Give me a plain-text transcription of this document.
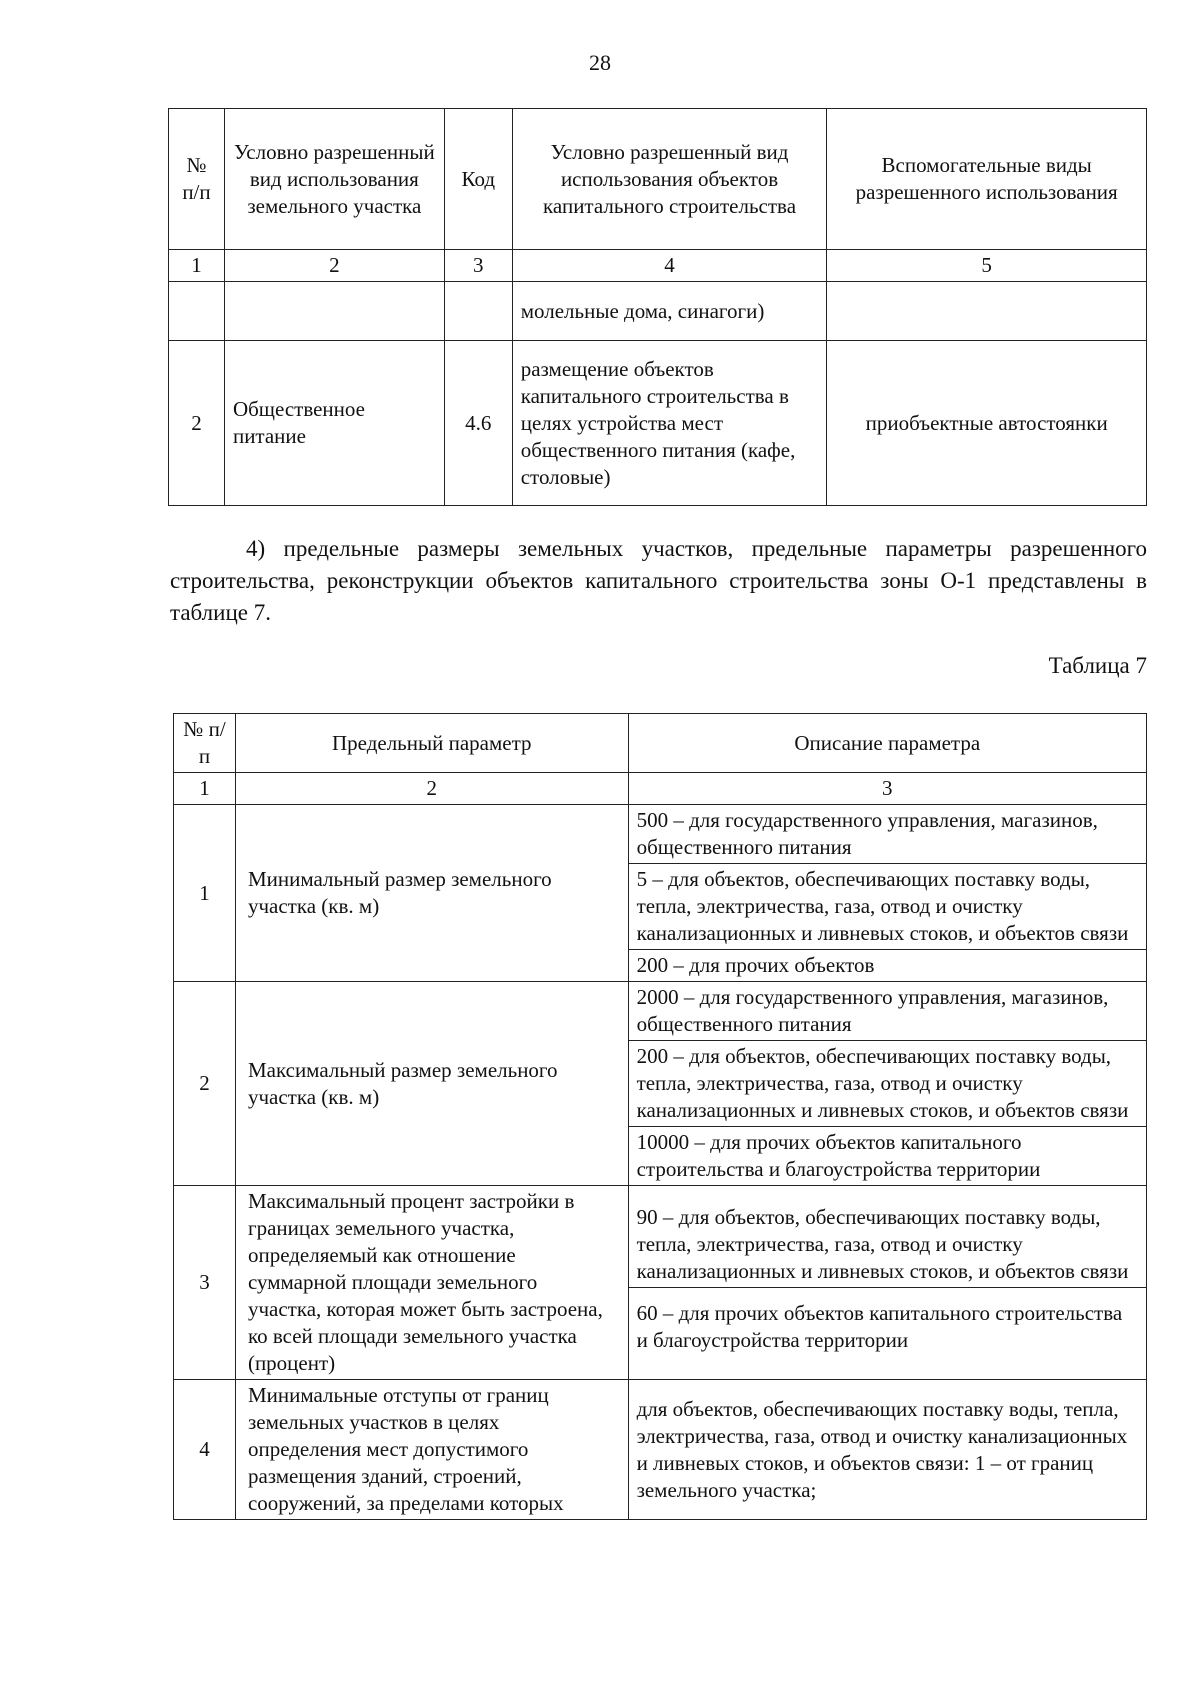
28
№ п/п	Условно разрешенный вид использования земельного участка	Код	Условно разрешенный вид использования объектов капитального строительства	Вспомогательные виды разрешенного использования
1	2	3	4	5
			молельные дома, синагоги)	
2	Общественное питание	4.6	размещение объектов капитального строительства в целях устройства мест общественного питания (кафе, столовые)	приобъектные автостоянки
4) предельные размеры земельных участков, предельные параметры разрешенного строительства, реконструкции объектов капитального строительства зоны О-1 представлены в таблице 7.
Таблица 7
№ п/п	Предельный параметр	Описание параметра
1	2	3
1	Минимальный размер земельного участка (кв. м)	
500 – для государственного управления, магазинов, общественного питания
5 – для объектов, обеспечивающих поставку воды, тепла, электричества, газа, отвод и очистку канализационных и ливневых стоков, и объектов связи
200 – для прочих объектов

2	Максимальный размер земельного участка (кв. м)	
2000 – для государственного управления, магазинов, общественного питания
200 – для объектов, обеспечивающих поставку воды, тепла, электричества, газа, отвод и очистку канализационных и ливневых стоков, и объектов связи
10000 – для прочих объектов капитального строительства и благоустройства территории

3	Максимальный процент застройки в границах земельного участка, определяемый как отношение суммарной площади земельного участка, которая может быть застроена, ко всей площади земельного участка (процент)	
90 – для объектов, обеспечивающих поставку воды, тепла, электричества, газа, отвод и очистку канализационных и ливневых стоков, и объектов связи
60 – для прочих объектов капитального строительства и благоустройства территории

4	Минимальные отступы от границ земельных участков в целях определения мест допустимого размещения зданий, строений, сооружений, за пределами которых	
для объектов, обеспечивающих поставку воды, тепла, электричества, газа, отвод и очистку канализационных и ливневых стоков, и объектов связи: 1 – от границ земельного участка;
